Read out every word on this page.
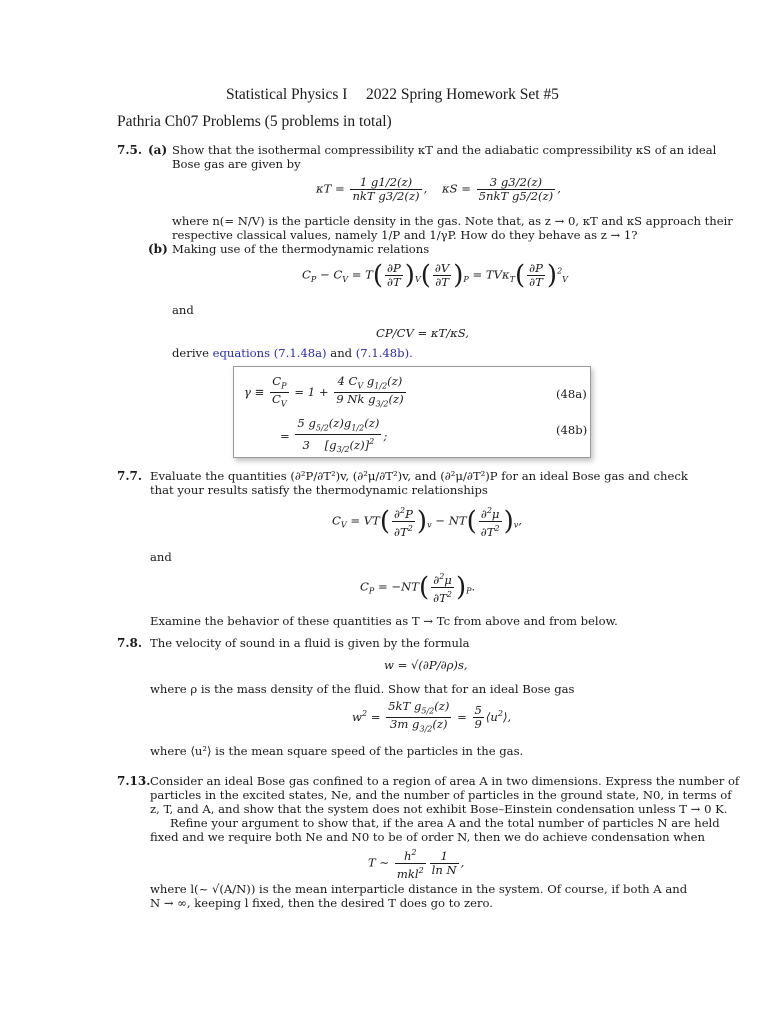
Statistical Physics I 2022 Spring Homework Set #5
Pathria Ch07 Problems (5 problems in total)
7.5. (a) Show that the isothermal compressibility κT and the adiabatic compressibility κS of an ideal
Bose gas are given by
$\kappa T = \frac{1 g1/2(z)}{\text{nkT g3/2(z)}}$ ,    $\kappa S = \frac{3 g3/2(z)}{\text{5nkT g5/2(z)}}$ ,
where n(= N/V) is the particle density in the gas. Note that, as z → 0, κT and κS approach their
respective classical values, namely 1/P and 1/γP. How do they behave as z → 1?
(b) Making use of the thermodynamic relations
$C_P - C_V = T( \frac{\partial P}{\partial T} )_V( \frac{\partial V}{\partial T} )_P = TV\kappa_T( \frac{\partial P}{\partial T} )^2_V$
and
CP/CV = κT/κS,
derive equations (7.1.48a) and (7.1.48b).
$\gamma \equiv \frac{C_P}{C_V} = 1 + \frac{4 C_V g_{1/2}(z)}{9 Nk g_{3/2}(z)}$
= $\frac{5 g_{5/2}(z)g_{1/2}(z)}{3 [g_{3/2}(z)]^2}$ ;
(48a)
(48b)
7.7. Evaluate the quantities (∂²P/∂T²)v, (∂²μ/∂T²)v, and (∂²μ/∂T²)P for an ideal Bose gas and check
that your results satisfy the thermodynamic relationships
$C_V = VT( \frac{\partial^2P}{\partial T^2} )_v - NT( \frac{\partial^2\mu}{\partial T^2} )_v$,
and
$C_P = -NT( \frac{\partial^2\mu}{\partial T^2} )_P$.
Examine the behavior of these quantities as T → Tc from above and from below.
7.8. The velocity of sound in a fluid is given by the formula
w = √(∂P/∂ρ)s,
where ρ is the mass density of the fluid. Show that for an ideal Bose gas
$w^2 = \frac{5kT g_{5/2}(z)}{3m g_{3/2}(z)} = \frac{5}{9}$ $⟨u^2⟩$,
where ⟨u²⟩ is the mean square speed of the particles in the gas.
7.13. Consider an ideal Bose gas confined to a region of area A in two dimensions. Express the number of
particles in the excited states, Ne, and the number of particles in the ground state, N0, in terms of
z, T, and A, and show that the system does not exhibit Bose–Einstein condensation unless T → 0 K.
Refine your argument to show that, if the area A and the total number of particles N are held
fixed and we require both Ne and N0 to be of order N, then we do achieve condensation when
T ∼ $\frac{h^2}{mkl^2} \frac{1}{\text{ln N}}$ ,
where l(~ √(A/N)) is the mean interparticle distance in the system. Of course, if both A and
N → ∞, keeping l fixed, then the desired T does go to zero.
